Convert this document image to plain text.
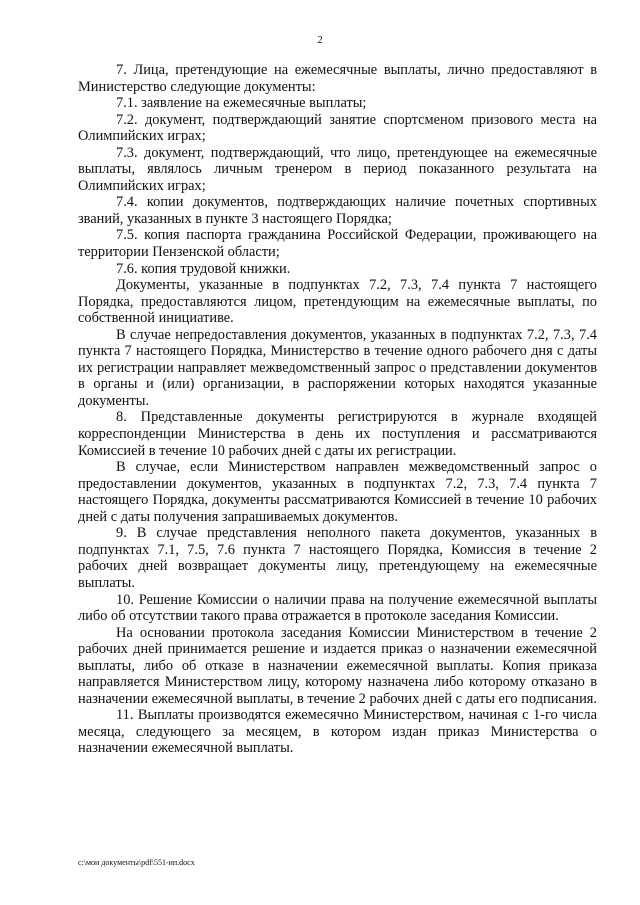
2

7. Лица, претендующие на ежемесячные выплаты, лично предоставляют в Министерство следующие документы:

7.1. заявление на ежемесячные выплаты;

7.2. документ, подтверждающий занятие спортсменом призового места на Олимпийских играх;

7.3. документ, подтверждающий, что лицо, претендующее на ежемесячные выплаты, являлось личным тренером в период показанного результата на Олимпийских играх;

7.4. копии документов, подтверждающих наличие почетных спортивных званий, указанных в пункте 3 настоящего Порядка;

7.5. копия паспорта гражданина Российской Федерации, проживающего на территории Пензенской области;

7.6. копия трудовой книжки.

Документы, указанные в подпунктах 7.2, 7.3, 7.4 пункта 7 настоящего Порядка, предоставляются лицом, претендующим на ежемесячные выплаты, по собственной инициативе.

В случае непредоставления документов, указанных в подпунктах 7.2, 7.3, 7.4 пункта 7 настоящего Порядка, Министерство в течение одного рабочего дня с даты их регистрации направляет межведомственный запрос о представлении документов в органы и (или) организации, в распоряжении которых находятся указанные документы.

8. Представленные документы регистрируются в журнале входящей корреспонденции Министерства в день их поступления и рассматриваются Комиссией в течение 10 рабочих дней с даты их регистрации.

В случае, если Министерством направлен межведомственный запрос о предоставлении документов, указанных в подпунктах 7.2, 7.3, 7.4 пункта 7 настоящего Порядка, документы рассматриваются Комиссией в течение 10 рабочих дней с даты получения запрашиваемых документов.

9. В случае представления неполного пакета документов, указанных в подпунктах 7.1, 7.5, 7.6 пункта 7 настоящего Порядка, Комиссия в течение 2 рабочих дней возвращает документы лицу, претендующему на ежемесячные выплаты.

10. Решение Комиссии о наличии права на получение ежемесячной выплаты либо об отсутствии такого права отражается в протоколе заседания Комиссии.

На основании протокола заседания Комиссии Министерством в течение 2 рабочих дней принимается решение и издается приказ о назначении ежемесячной выплаты, либо об отказе в назначении ежемесячной выплаты. Копия приказа направляется Министерством лицу, которому назначена либо которому отказано в назначении ежемесячной выплаты, в течение 2 рабочих дней с даты его подписания.

11. Выплаты производятся ежемесячно Министерством, начиная с 1-го числа месяца, следующего за месяцем, в котором издан приказ Министерства о назначении ежемесячной выплаты.

c:\мои документы\pdf\551-ип.docx
